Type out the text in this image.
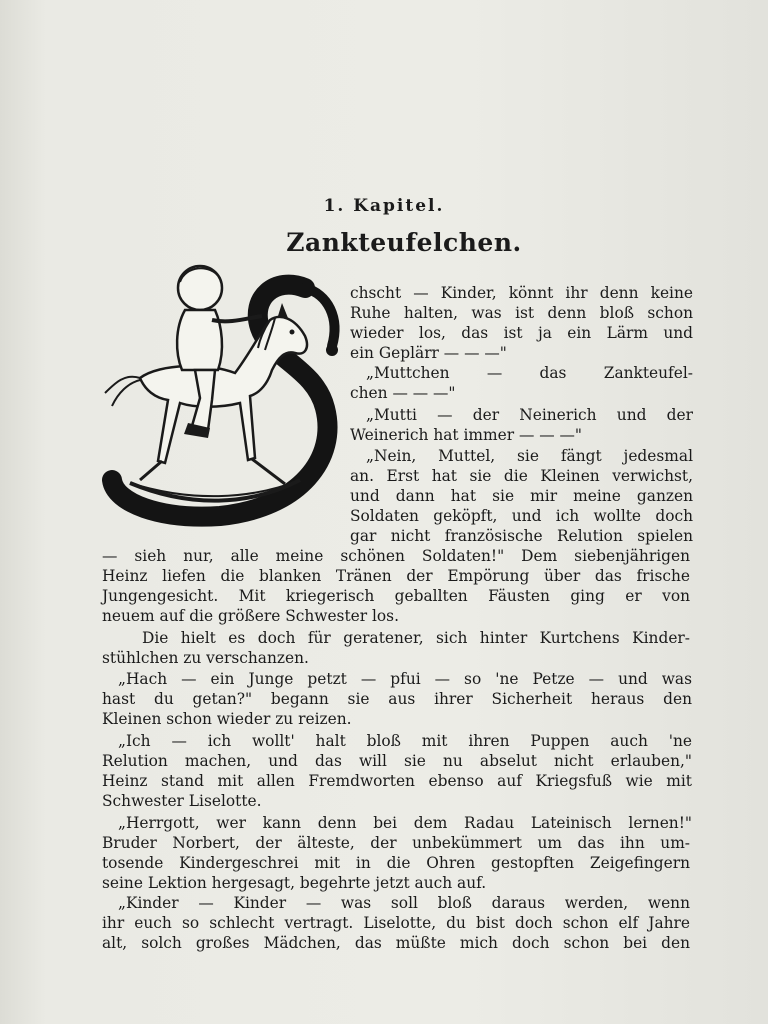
1. Kapitel.
Zankteufelchen.
chscht — Kinder, könnt ihr denn keine
Ruhe halten, was ist denn bloß schon
wieder los, das ist ja ein Lärm und
ein Geplärr — — —"
„Muttchen — das Zankteufel-
chen — — —"
„Mutti — der Neinerich und der
Weinerich hat immer — — —"
„Nein, Muttel, sie fängt jedesmal
an. Erst hat sie die Kleinen verwichst,
und dann hat sie mir meine ganzen
Soldaten geköpft, und ich wollte doch
gar nicht französische Relution spielen
— sieh nur, alle meine schönen Soldaten!" Dem siebenjährigen
Heinz liefen die blanken Tränen der Empörung über das frische
Jungengesicht. Mit kriegerisch geballten Fäusten ging er von
neuem auf die größere Schwester los.
Die hielt es doch für geratener, sich hinter Kurtchens Kinder-
stühlchen zu verschanzen.
„Hach — ein Junge petzt — pfui — so 'ne Petze — und was
hast du getan?" begann sie aus ihrer Sicherheit heraus den
Kleinen schon wieder zu reizen.
„Ich — ich wollt' halt bloß mit ihren Puppen auch 'ne
Relution machen, und das will sie nu abselut nicht erlauben,"
Heinz stand mit allen Fremdworten ebenso auf Kriegsfuß wie mit
Schwester Liselotte.
„Herrgott, wer kann denn bei dem Radau Lateinisch lernen!"
Bruder Norbert, der älteste, der unbekümmert um das ihn um-
tosende Kindergeschrei mit in die Ohren gestopften Zeigefingern
seine Lektion hergesagt, begehrte jetzt auch auf.
„Kinder — Kinder — was soll bloß daraus werden, wenn
ihr euch so schlecht vertragt. Liselotte, du bist doch schon elf Jahre
alt, solch großes Mädchen, das müßte mich doch schon bei den
